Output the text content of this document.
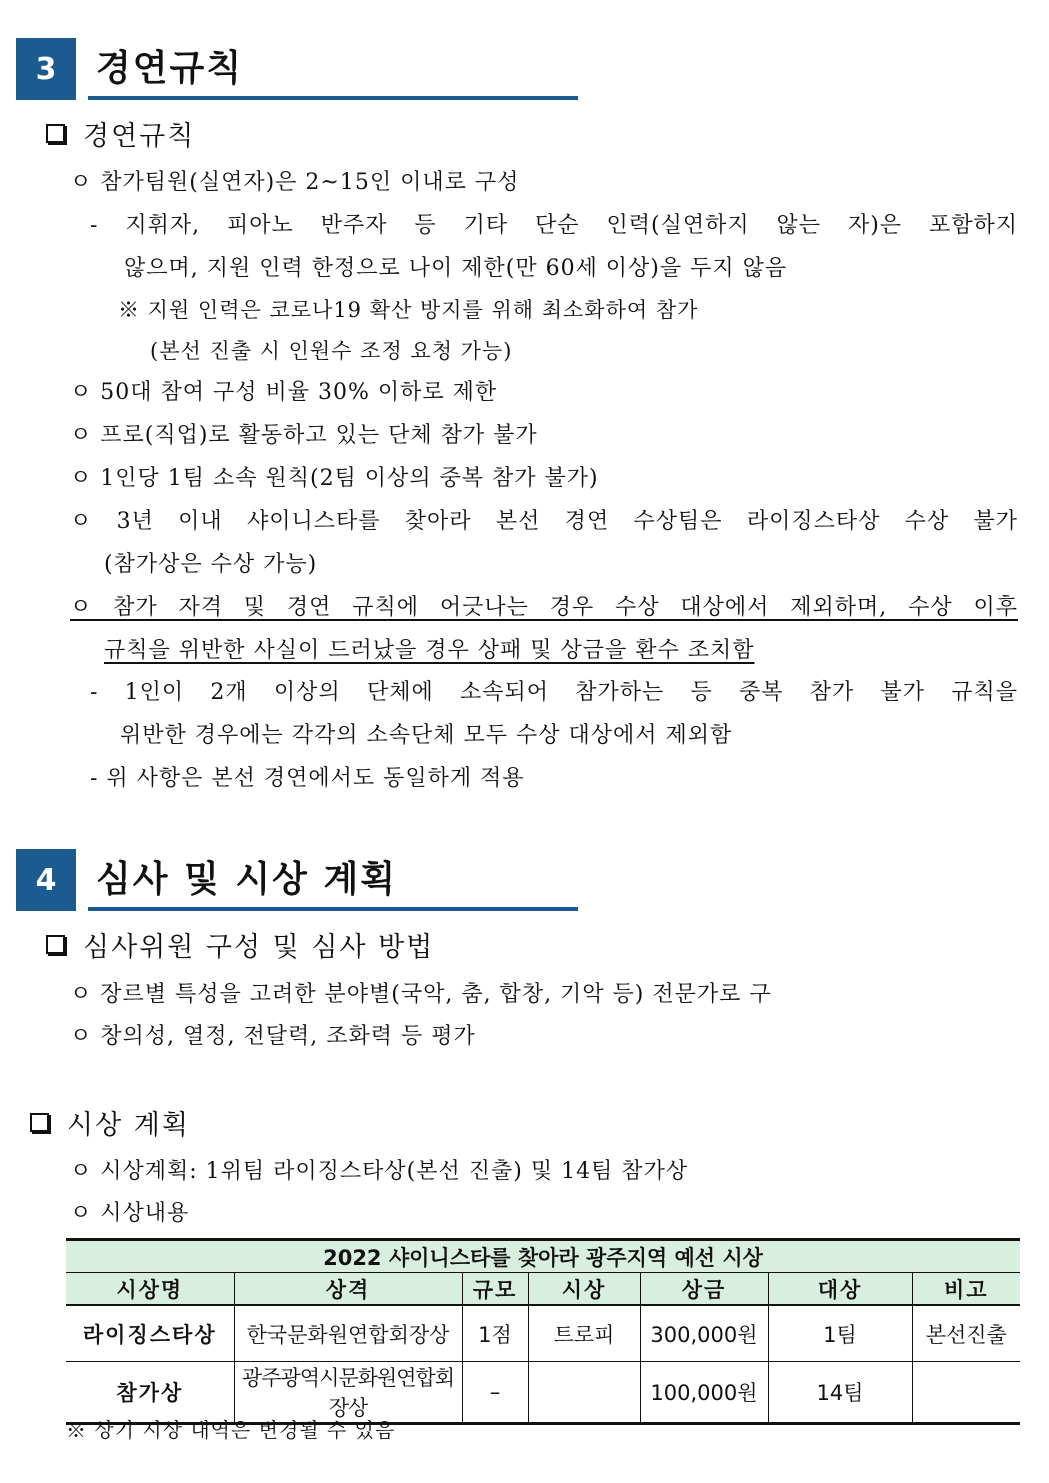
3	경연규칙
경연규칙
ㅇ 참가팀원(실연자)은 2~15인 이내로 구성
- 지휘자, 피아노 반주자 등 기타 단순 인력(실연하지 않는 자)은 포함하지
않으며, 지원 인력 한정으로 나이 제한(만 60세 이상)을 두지 않음
※ 지원 인력은 코로나19 확산 방지를 위해 최소화하여 참가
(본선 진출 시 인원수 조정 요청 가능)
ㅇ 50대 참여 구성 비율 30% 이하로 제한
ㅇ 프로(직업)로 활동하고 있는 단체 참가 불가
ㅇ 1인당 1팀 소속 원칙(2팀 이상의 중복 참가 불가)
ㅇ 3년 이내 샤이니스타를 찾아라 본선 경연 수상팀은 라이징스타상 수상 불가
(참가상은 수상 가능)
ㅇ 참가 자격 및 경연 규칙에 어긋나는 경우 수상 대상에서 제외하며, 수상 이후
규칙을 위반한 사실이 드러났을 경우 상패 및 상금을 환수 조치함
- 1인이 2개 이상의 단체에 소속되어 참가하는 등 중복 참가 불가 규칙을
위반한 경우에는 각각의 소속단체 모두 수상 대상에서 제외함
- 위 사항은 본선 경연에서도 동일하게 적용
4	심사 및 시상 계획
심사위원 구성 및 심사 방법
ㅇ 장르별 특성을 고려한 분야별(국악, 춤, 합창, 기악 등) 전문가로 구
ㅇ 창의성, 열정, 전달력, 조화력 등 평가
시상 계획
ㅇ 시상계획: 1위팀 라이징스타상(본선 진출) 및 14팀 참가상
ㅇ 시상내용
2022 샤이니스타를 찾아라 광주지역 예선 시상						
시상명	상격	규모	시상	상금	대상	비고
라이징스타상	한국문화원연합회장상	1점	트로피	300,000원	1팀	본선진출
참가상	광주광역시문화원연합회장상	–		100,000원	14팀	
※ 상기 시상 내역은 변경될 수 있음
